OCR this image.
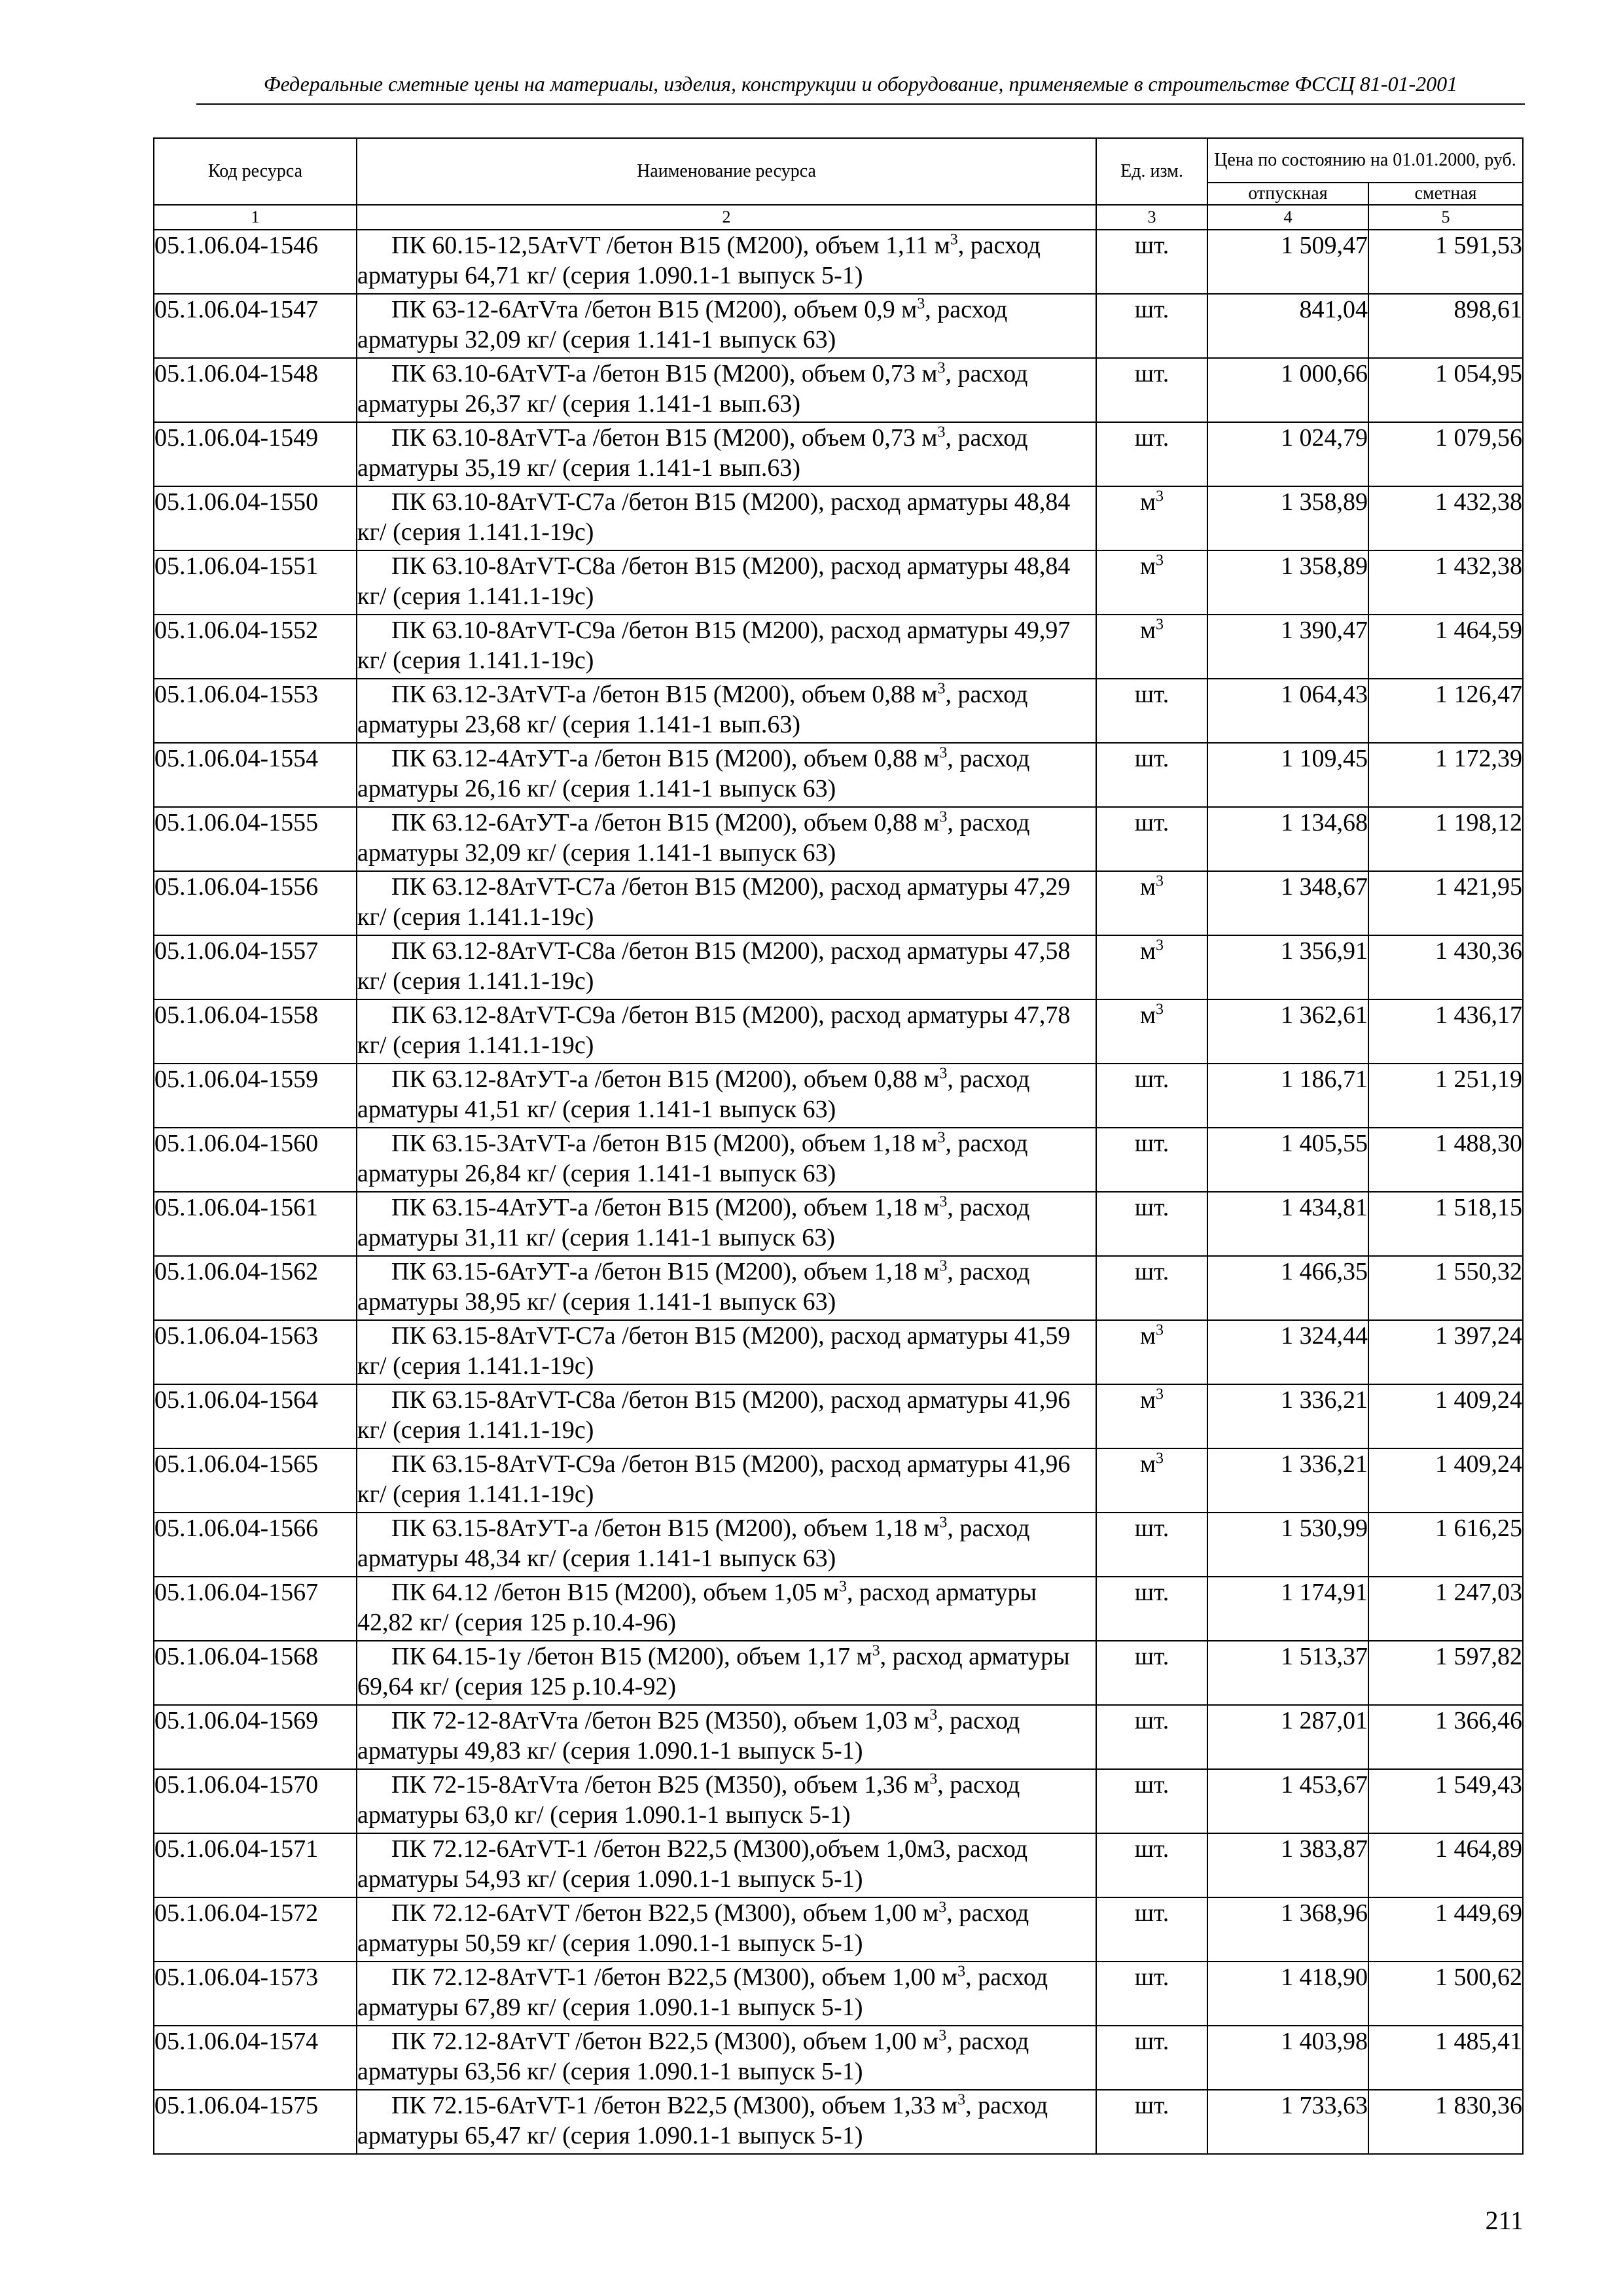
Федеральные сметные цены на материалы, изделия, конструкции и оборудование, применяемые в строительстве ФССЦ 81-01-2001
Код ресурса	Наименование ресурса	Ед. изм.	Цена по состоянию на 01.01.2000, руб.	
			отпускная	сметная
1	2	3	4	5
05.1.06.04-1546	ПК 60.15-12,5АтVT /бетон В15 (М200), объем 1,11 $м^3$, расход арматуры 64,71 кг/ (серия 1.090.1-1 выпуск 5-1)	шт.	1 509,47	1 591,53
05.1.06.04-1547	ПК 63-12-6АтVта /бетон В15 (М200), объем 0,9 $м^3$, расход арматуры 32,09 кг/ (серия 1.141-1 выпуск 63)	шт.	841,04	898,61
05.1.06.04-1548	ПК 63.10-6АтVT-а /бетон В15 (М200), объем 0,73 $м^3$, расход арматуры 26,37 кг/ (серия 1.141-1 вып.63)	шт.	1 000,66	1 054,95
05.1.06.04-1549	ПК 63.10-8АтVT-а /бетон В15 (М200), объем 0,73 $м^3$, расход арматуры 35,19 кг/ (серия 1.141-1 вып.63)	шт.	1 024,79	1 079,56
05.1.06.04-1550	ПК 63.10-8АтVT-С7а /бетон В15 (М200), расход арматуры 48,84 кг/ (серия 1.141.1-19с)	$м^3$	1 358,89	1 432,38
05.1.06.04-1551	ПК 63.10-8АтVT-С8а /бетон В15 (М200), расход арматуры 48,84 кг/ (серия 1.141.1-19с)	$м^3$	1 358,89	1 432,38
05.1.06.04-1552	ПК 63.10-8АтVT-С9а /бетон В15 (М200), расход арматуры 49,97 кг/ (серия 1.141.1-19с)	$м^3$	1 390,47	1 464,59
05.1.06.04-1553	ПК 63.12-3АтVT-а /бетон В15 (М200), объем 0,88 $м^3$, расход арматуры 23,68 кг/ (серия 1.141-1 вып.63)	шт.	1 064,43	1 126,47
05.1.06.04-1554	ПК 63.12-4АтУТ-а /бетон В15 (М200), объем 0,88 $м^3$, расход арматуры 26,16 кг/ (серия 1.141-1 выпуск 63)	шт.	1 109,45	1 172,39
05.1.06.04-1555	ПК 63.12-6АтУТ-а /бетон В15 (М200), объем 0,88 $м^3$, расход арматуры 32,09 кг/ (серия 1.141-1 выпуск 63)	шт.	1 134,68	1 198,12
05.1.06.04-1556	ПК 63.12-8АтVT-С7а /бетон В15 (М200), расход арматуры 47,29 кг/ (серия 1.141.1-19с)	$м^3$	1 348,67	1 421,95
05.1.06.04-1557	ПК 63.12-8АтVT-С8а /бетон В15 (М200), расход арматуры 47,58 кг/ (серия 1.141.1-19с)	$м^3$	1 356,91	1 430,36
05.1.06.04-1558	ПК 63.12-8АтVT-С9а /бетон В15 (М200), расход арматуры 47,78 кг/ (серия 1.141.1-19с)	$м^3$	1 362,61	1 436,17
05.1.06.04-1559	ПК 63.12-8АтУТ-а /бетон В15 (М200), объем 0,88 $м^3$, расход арматуры 41,51 кг/ (серия 1.141-1 выпуск 63)	шт.	1 186,71	1 251,19
05.1.06.04-1560	ПК 63.15-3АтVT-а /бетон В15 (М200), объем 1,18 $м^3$, расход арматуры 26,84 кг/ (серия 1.141-1 выпуск 63)	шт.	1 405,55	1 488,30
05.1.06.04-1561	ПК 63.15-4АтУТ-а /бетон В15 (М200), объем 1,18 $м^3$, расход арматуры 31,11 кг/ (серия 1.141-1 выпуск 63)	шт.	1 434,81	1 518,15
05.1.06.04-1562	ПК 63.15-6АтУТ-а /бетон В15 (М200), объем 1,18 $м^3$, расход арматуры 38,95 кг/ (серия 1.141-1 выпуск 63)	шт.	1 466,35	1 550,32
05.1.06.04-1563	ПК 63.15-8АтVT-С7а /бетон В15 (М200), расход арматуры 41,59 кг/ (серия 1.141.1-19с)	$м^3$	1 324,44	1 397,24
05.1.06.04-1564	ПК 63.15-8АтVT-С8а /бетон В15 (М200), расход арматуры 41,96 кг/ (серия 1.141.1-19с)	$м^3$	1 336,21	1 409,24
05.1.06.04-1565	ПК 63.15-8АтVT-С9а /бетон В15 (М200), расход арматуры 41,96 кг/ (серия 1.141.1-19с)	$м^3$	1 336,21	1 409,24
05.1.06.04-1566	ПК 63.15-8АтУТ-а /бетон В15 (М200), объем 1,18 $м^3$, расход арматуры 48,34 кг/ (серия 1.141-1 выпуск 63)	шт.	1 530,99	1 616,25
05.1.06.04-1567	ПК 64.12 /бетон В15 (М200), объем 1,05 $м^3$, расход арматуры 42,82 кг/ (серия 125 р.10.4-96)	шт.	1 174,91	1 247,03
05.1.06.04-1568	ПК 64.15-1у /бетон В15 (М200), объем 1,17 $м^3$, расход арматуры 69,64 кг/ (серия 125 р.10.4-92)	шт.	1 513,37	1 597,82
05.1.06.04-1569	ПК 72-12-8АтVта /бетон В25 (М350), объем 1,03 $м^3$, расход арматуры 49,83 кг/ (серия 1.090.1-1 выпуск 5-1)	шт.	1 287,01	1 366,46
05.1.06.04-1570	ПК 72-15-8АтVта /бетон В25 (М350), объем 1,36 $м^3$, расход арматуры 63,0 кг/ (серия 1.090.1-1 выпуск 5-1)	шт.	1 453,67	1 549,43
05.1.06.04-1571	ПК 72.12-6АтVT-1 /бетон В22,5 (М300),объем 1,0м3, расход арматуры 54,93 кг/ (серия 1.090.1-1 выпуск 5-1)	шт.	1 383,87	1 464,89
05.1.06.04-1572	ПК 72.12-6АтVT /бетон В22,5 (М300), объем 1,00 $м^3$, расход арматуры 50,59 кг/ (серия 1.090.1-1 выпуск 5-1)	шт.	1 368,96	1 449,69
05.1.06.04-1573	ПК 72.12-8АтVT-1 /бетон В22,5 (М300), объем 1,00 $м^3$, расход арматуры 67,89 кг/ (серия 1.090.1-1 выпуск 5-1)	шт.	1 418,90	1 500,62
05.1.06.04-1574	ПК 72.12-8АтVT /бетон В22,5 (М300), объем 1,00 $м^3$, расход арматуры 63,56 кг/ (серия 1.090.1-1 выпуск 5-1)	шт.	1 403,98	1 485,41
05.1.06.04-1575	ПК 72.15-6АтVT-1 /бетон В22,5 (М300), объем 1,33 $м^3$, расход арматуры 65,47 кг/ (серия 1.090.1-1 выпуск 5-1)	шт.	1 733,63	1 830,36
211
